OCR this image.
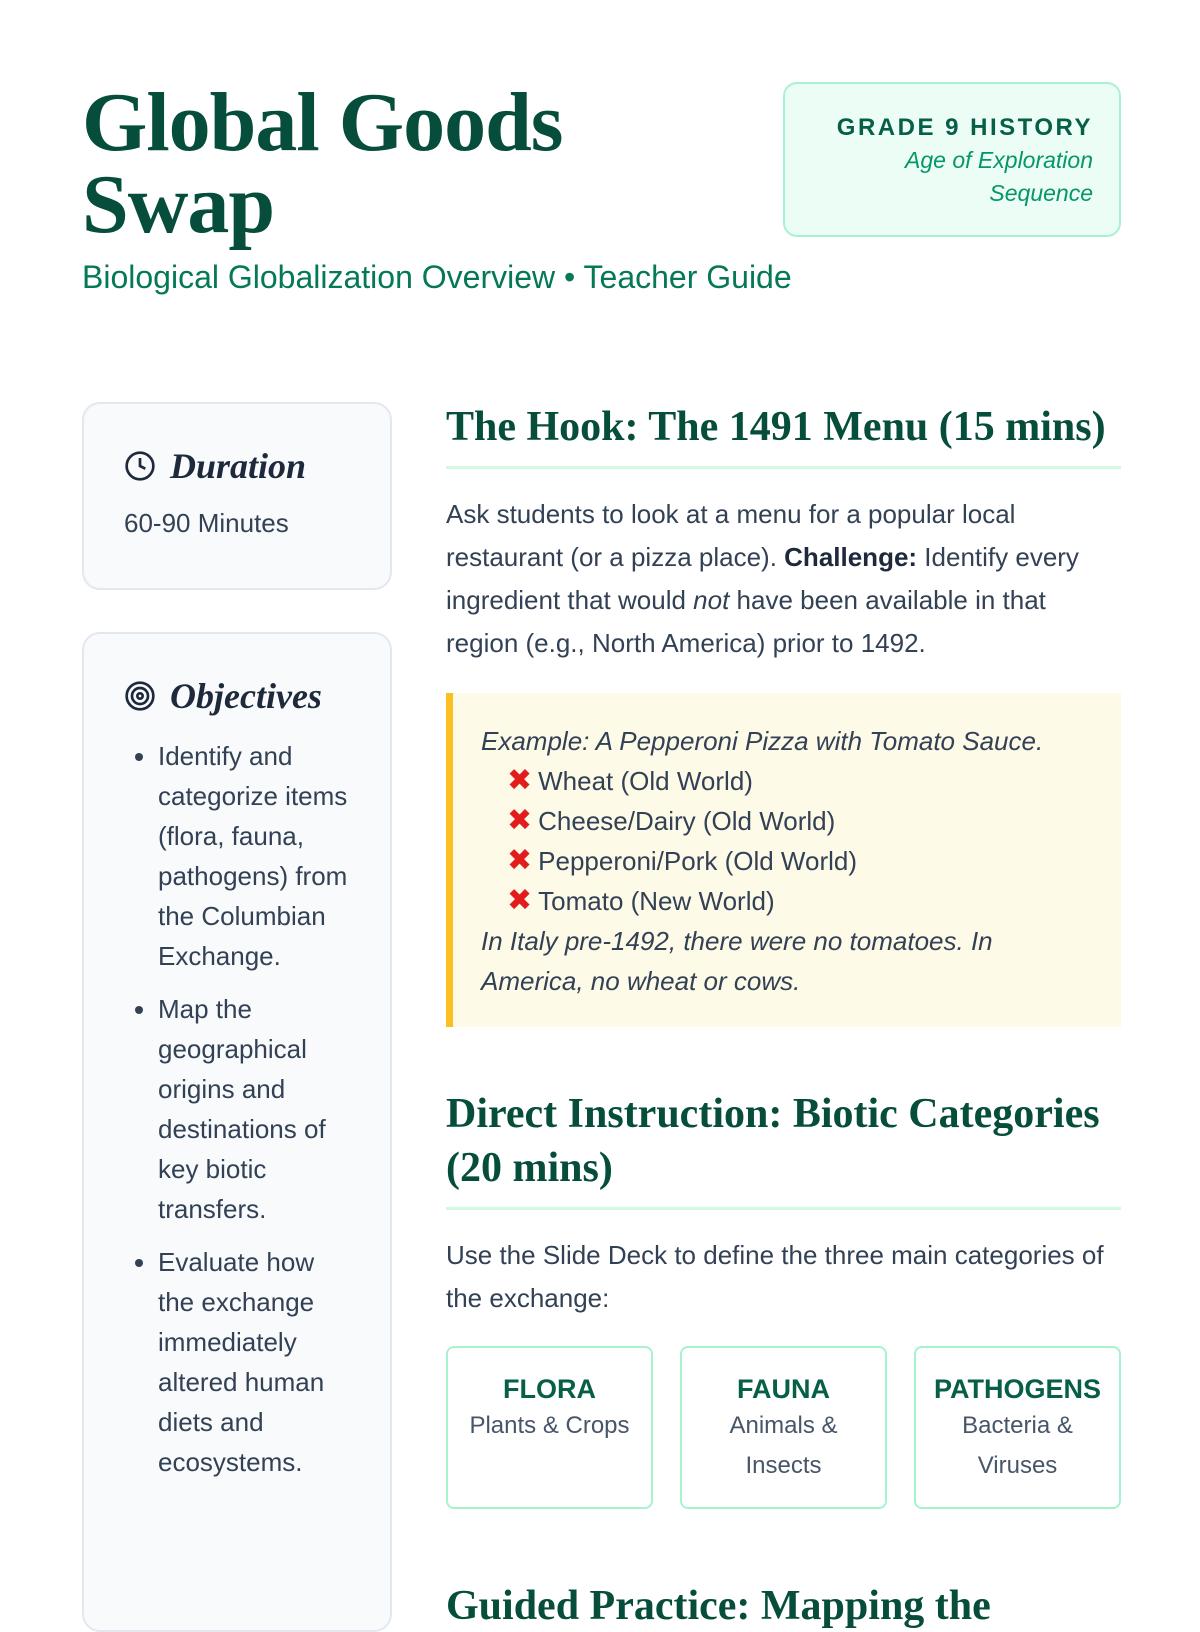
Global Goods Swap
Biological Globalization Overview • Teacher Guide
GRADE 9 HISTORY
Age of Exploration Sequence
Duration
60-90 Minutes
Objectives
• Identify and categorize items (flora, fauna, pathogens) from the Columbian Exchange.
• Map the geographical origins and destinations of key biotic transfers.
• Evaluate how the exchange immediately altered human diets and ecosystems.
The Hook: The 1491 Menu (15 mins)

Ask students to look at a menu for a popular local restaurant (or a pizza place). Challenge: Identify every ingredient that would not have been available in that region (e.g., North America) prior to 1492.

Example: A Pepperoni Pizza with Tomato Sauce.
✖ Wheat (Old World)
✖ Cheese/Dairy (Old World)
✖ Pepperoni/Pork (Old World)
✖ Tomato (New World)
In Italy pre-1492, there were no tomatoes. In America, no wheat or cows.
Direct Instruction: Biotic Categories (20 mins)

Use the Slide Deck to define the three main categories of the exchange:

FLORA
Plants & Crops
FAUNA
Animals & Insects
PATHOGENS
Bacteria & Viruses
Guided Practice: Mapping the
